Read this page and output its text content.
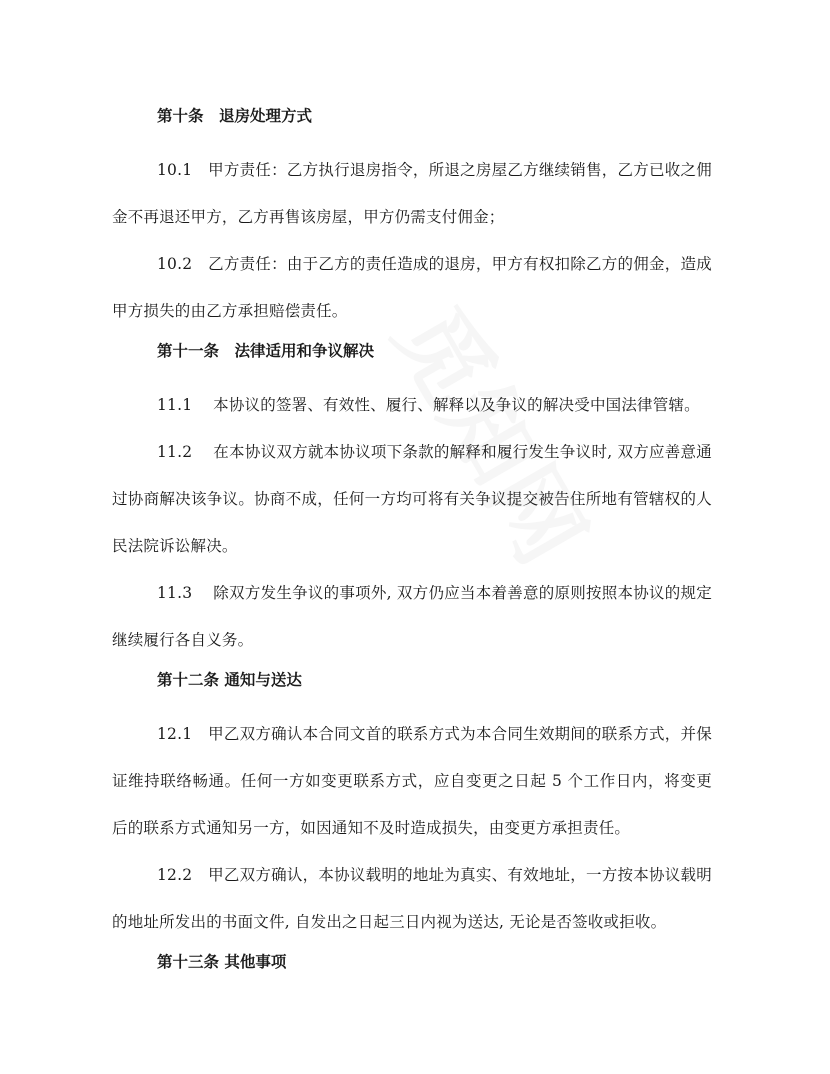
第十条　退房处理方式

10.1　甲方责任：乙方执行退房指令，所退之房屋乙方继续销售，乙方已收之佣金不再退还甲方，乙方再售该房屋，甲方仍需支付佣金；

10.2　乙方责任：由于乙方的责任造成的退房，甲方有权扣除乙方的佣金，造成甲方损失的由乙方承担赔偿责任。

第十一条　法律适用和争议解决

11.1　 本协议的签署、有效性、履行、解释以及争议的解决受中国法律管辖。

11.2　 在本协议双方就本协议项下条款的解释和履行发生争议时, 双方应善意通过协商解决该争议。协商不成，任何一方均可将有关争议提交被告住所地有管辖权的人民法院诉讼解决。

11.3　 除双方发生争议的事项外, 双方仍应当本着善意的原则按照本协议的规定继续履行各自义务。

第十二条 通知与送达

12.1　甲乙双方确认本合同文首的联系方式为本合同生效期间的联系方式，并保证维持联络畅通。任何一方如变更联系方式，应自变更之日起 5 个工作日内，将变更后的联系方式通知另一方，如因通知不及时造成损失，由变更方承担责任。

12.2　甲乙双方确认，本协议载明的地址为真实、有效地址，一方按本协议载明的地址所发出的书面文件, 自发出之日起三日内视为送达, 无论是否签收或拒收。

第十三条 其他事项
